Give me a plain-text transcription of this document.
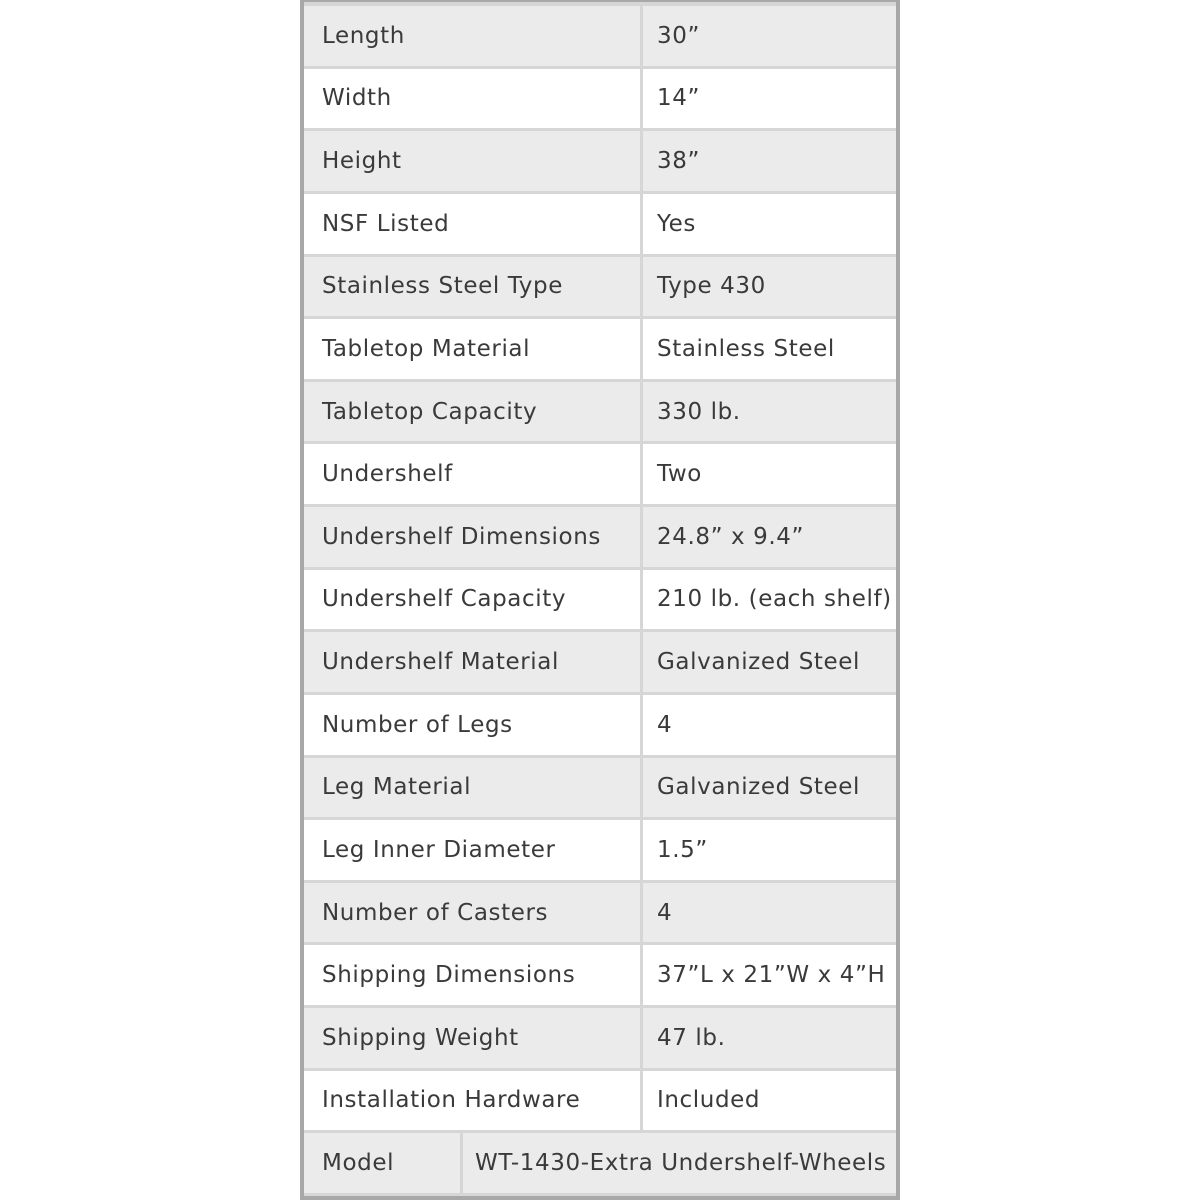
Length	30”
Width	14”
Height	38”
NSF Listed	Yes
Stainless Steel Type	Type 430
Tabletop Material	Stainless Steel
Tabletop Capacity	330 lb.
Undershelf	Two
Undershelf Dimensions	24.8” x 9.4”
Undershelf Capacity	210 lb. (each shelf)
Undershelf Material	Galvanized Steel
Number of Legs	4
Leg Material	Galvanized Steel
Leg Inner Diameter	1.5”
Number of Casters	4
Shipping Dimensions	37”L x 21”W x 4”H
Shipping Weight	47 lb.
Installation Hardware	Included
Model	WT-1430-Extra Undershelf-Wheels
